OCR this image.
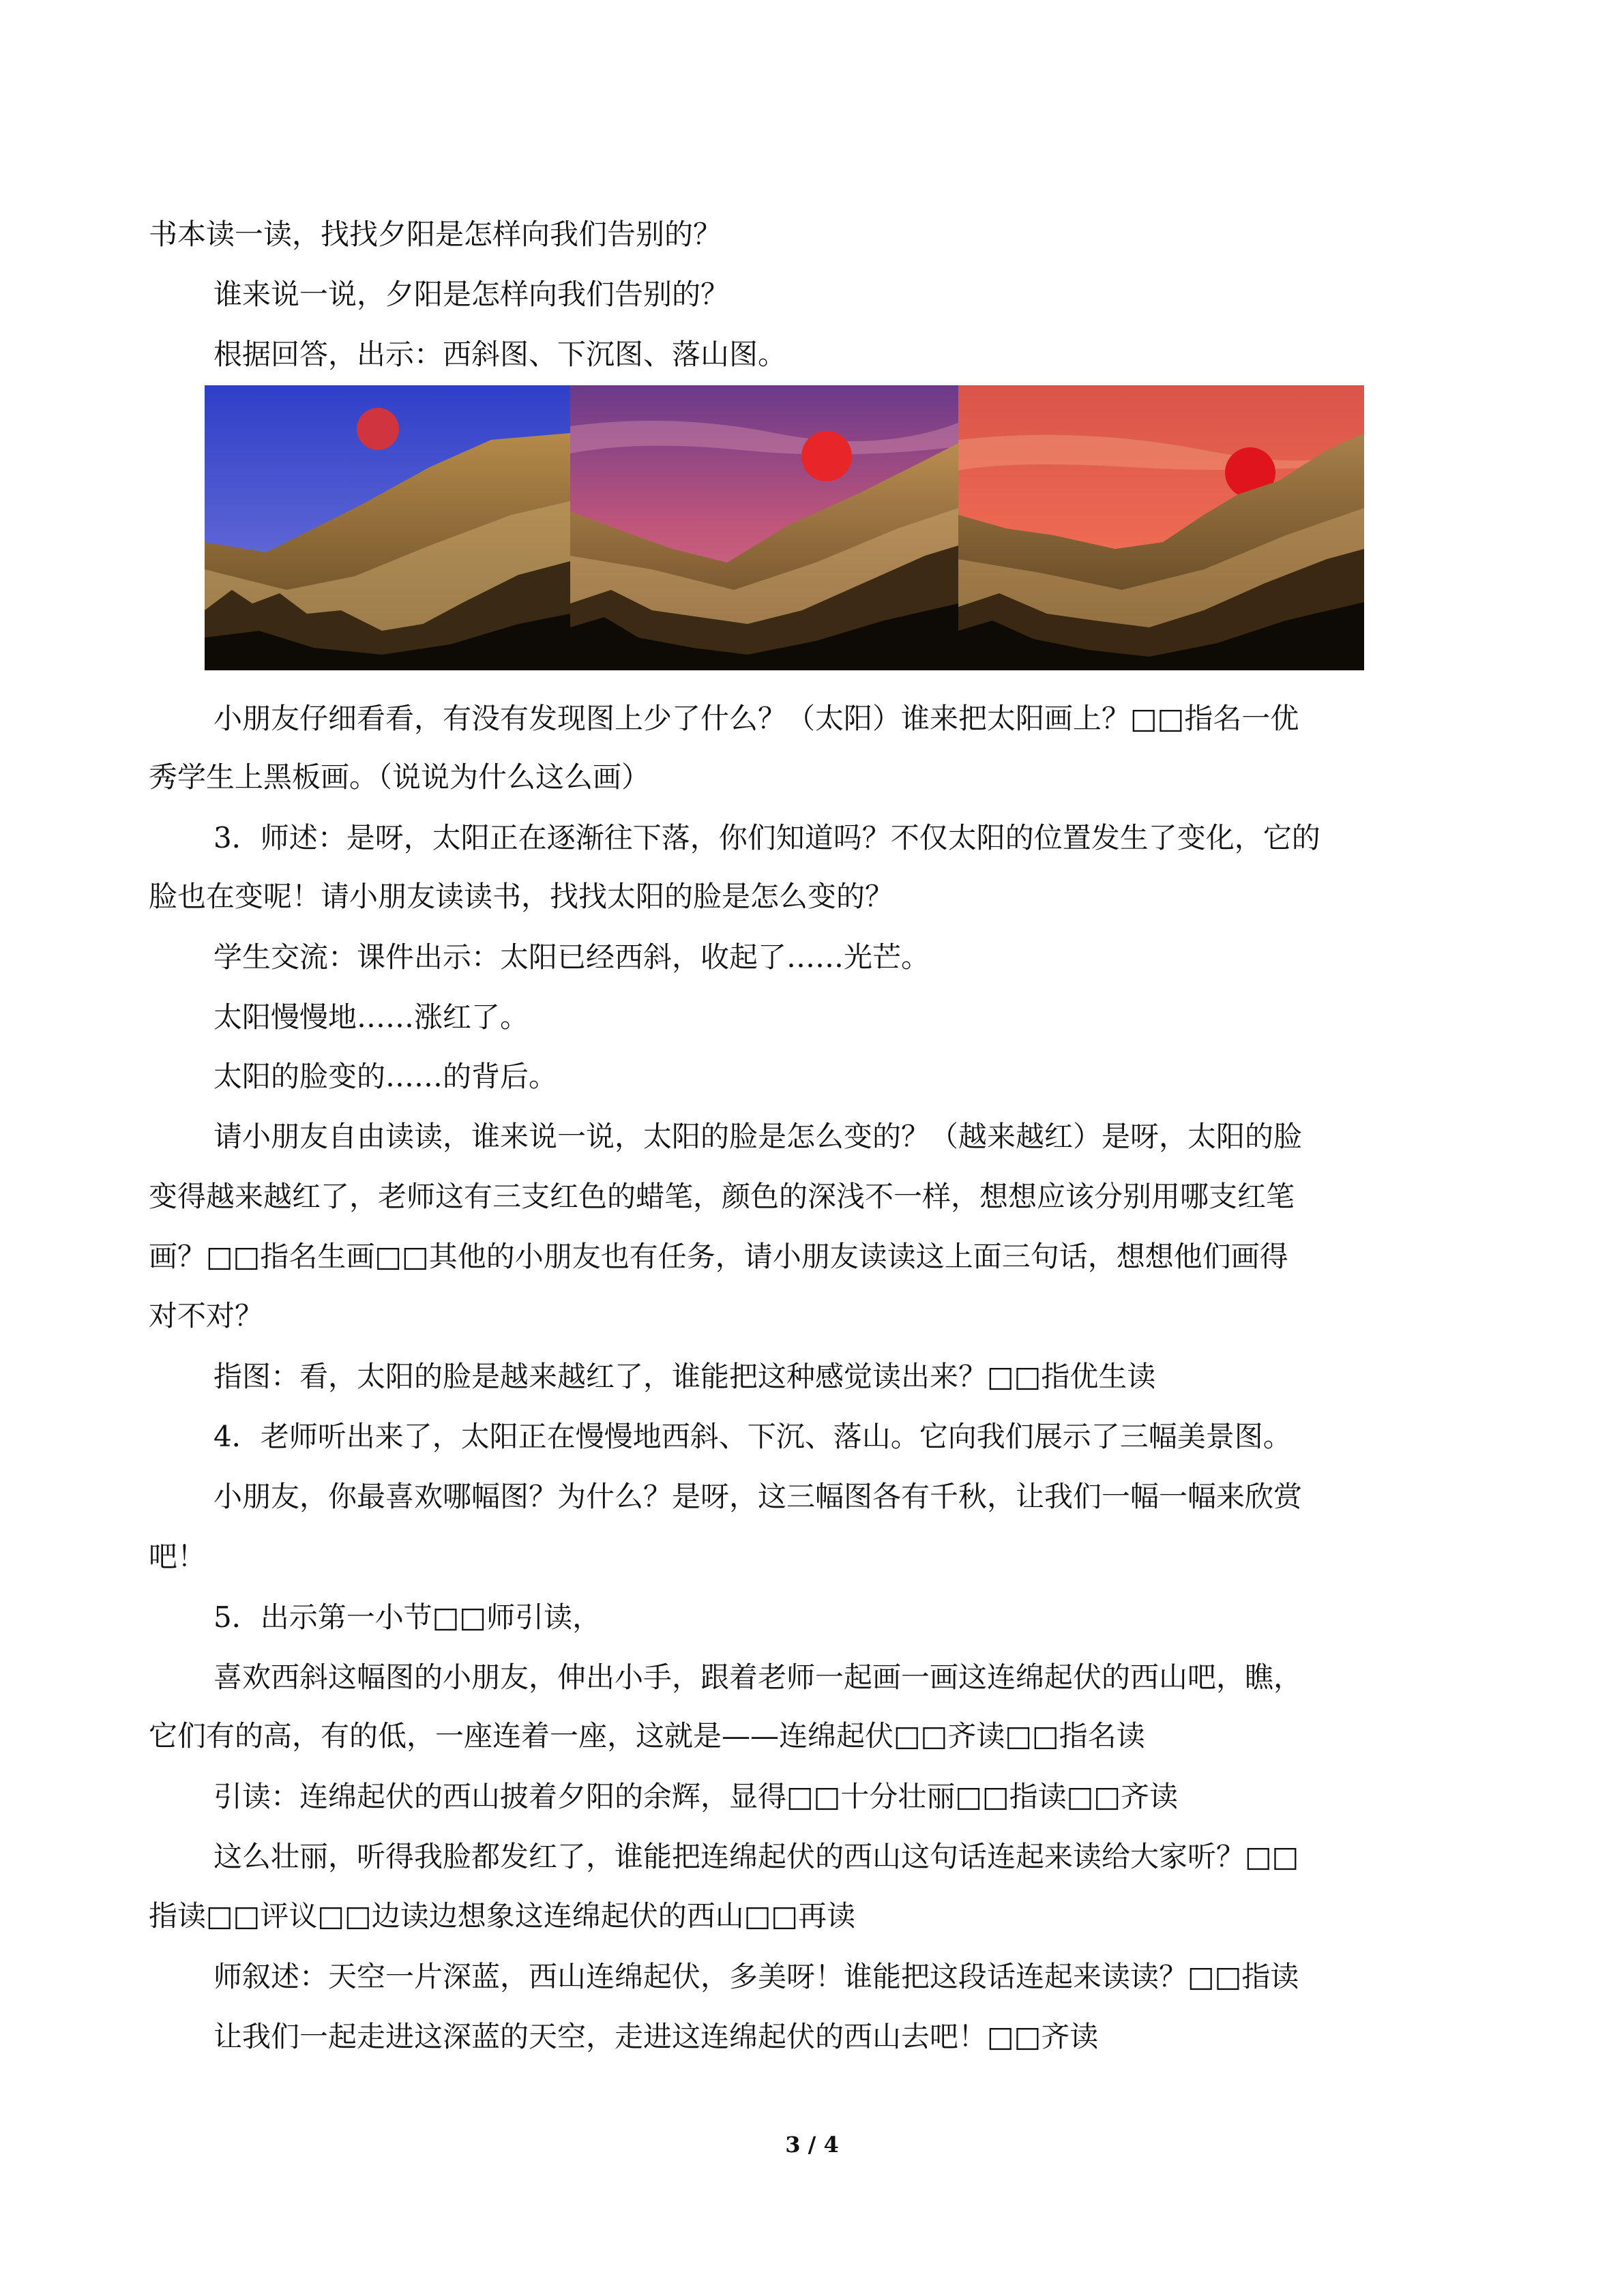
书本读一读，找找夕阳是怎样向我们告别的？

谁来说一说，夕阳是怎样向我们告别的？

根据回答，出示：西斜图、下沉图、落山图。

小朋友仔细看看，有没有发现图上少了什么？（太阳）谁来把太阳画上？□□指名一优

秀学生上黑板画。（说说为什么这么画）

3．师述：是呀，太阳正在逐渐往下落，你们知道吗？不仅太阳的位置发生了变化，它的

脸也在变呢！请小朋友读读书，找找太阳的脸是怎么变的？

学生交流：课件出示：太阳已经西斜，收起了……光芒。

太阳慢慢地……涨红了。

太阳的脸变的……的背后。

请小朋友自由读读，谁来说一说，太阳的脸是怎么变的？（越来越红）是呀，太阳的脸

变得越来越红了，老师这有三支红色的蜡笔，颜色的深浅不一样，想想应该分别用哪支红笔

画？□□指名生画□□其他的小朋友也有任务，请小朋友读读这上面三句话，想想他们画得

对不对？

指图：看，太阳的脸是越来越红了，谁能把这种感觉读出来？□□指优生读

4．老师听出来了，太阳正在慢慢地西斜、下沉、落山。它向我们展示了三幅美景图。

小朋友，你最喜欢哪幅图？为什么？是呀，这三幅图各有千秋，让我们一幅一幅来欣赏

吧！

5．出示第一小节□□师引读，

喜欢西斜这幅图的小朋友，伸出小手，跟着老师一起画一画这连绵起伏的西山吧，瞧，

它们有的高，有的低，一座连着一座，这就是——连绵起伏□□齐读□□指名读

引读：连绵起伏的西山披着夕阳的余辉，显得□□十分壮丽□□指读□□齐读

这么壮丽，听得我脸都发红了，谁能把连绵起伏的西山这句话连起来读给大家听？□□

指读□□评议□□边读边想象这连绵起伏的西山□□再读

师叙述：天空一片深蓝，西山连绵起伏，多美呀！谁能把这段话连起来读读？□□指读

让我们一起走进这深蓝的天空，走进这连绵起伏的西山去吧！□□齐读

3 / 4
